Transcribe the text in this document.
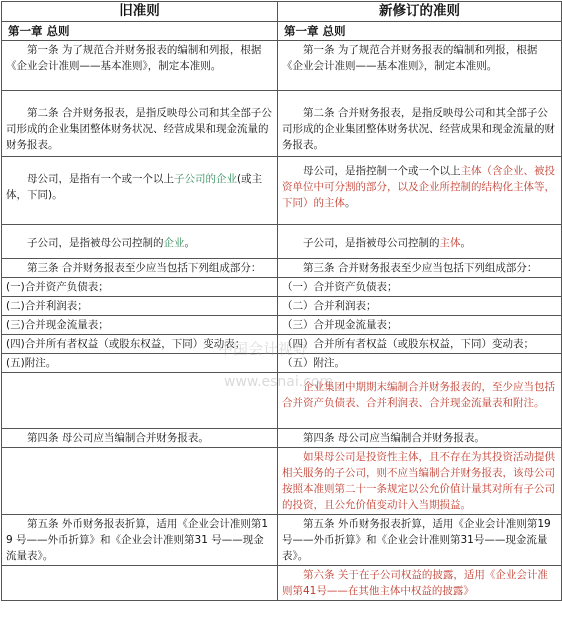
旧准则	新修订的准则
第一章 总则	第一章 总则
第一条 为了规范合并财务报表的编制和列报，根据《企业会计准则——基本准则》，制定本准则。	第一条 为了规范合并财务报表的编制和列报，根据《企业会计准则——基本准则》，制定本准则。
第二条 合并财务报表，是指反映母公司和其全部子公司形成的企业集团整体财务状况、经营成果和现金流量的财务报表。	第二条 合并财务报表，是指反映母公司和其全部子公司形成的企业集团整体财务状况、经营成果和现金流量的财务报表。
母公司，是指有一个或一个以上子公司的企业(或主体，下同)。	母公司，是指控制一个或一个以上主体（含企业、被投资单位中可分割的部分，以及企业所控制的结构化主体等，下同）的主体。
子公司，是指被母公司控制的企业。	子公司，是指被母公司控制的主体。
第三条 合并财务报表至少应当包括下列组成部分：	第三条 合并财务报表至少应当包括下列组成部分：
(一)合并资产负债表；	（一）合并资产负债表；
(二)合并利润表；	（二）合并利润表；
(三)合并现金流量表；	（三）合并现金流量表；
(四)合并所有者权益（或股东权益，下同）变动表；	（四）合并所有者权益（或股东权益，下同）变动表；
(五)附注。	（五）附注。
	企业集团中期期末编制合并财务报表的，至少应当包括合并资产负债表、合并利润表、合并现金流量表和附注。
第四条 母公司应当编制合并财务报表。	第四条 母公司应当编制合并财务报表。
	如果母公司是投资性主体，且不存在为其投资活动提供相关服务的子公司，则不应当编制合并财务报表，该母公司按照本准则第二十一条规定以公允价值计量其对所有子公司的投资，且公允价值变动计入当期损益。
第五条 外币财务报表折算，适用《企业会计准则第19 号——外币折算》和《企业会计准则第31 号——现金流量表》。	第五条 外币财务报表折算，适用《企业会计准则第19号——外币折算》和《企业会计准则第31号——现金流量表》。
	第六条 关于在子公司权益的披露，适用《企业会计准则第41号——在其他主体中权益的披露》
中国会计视野
www.esnai.com
